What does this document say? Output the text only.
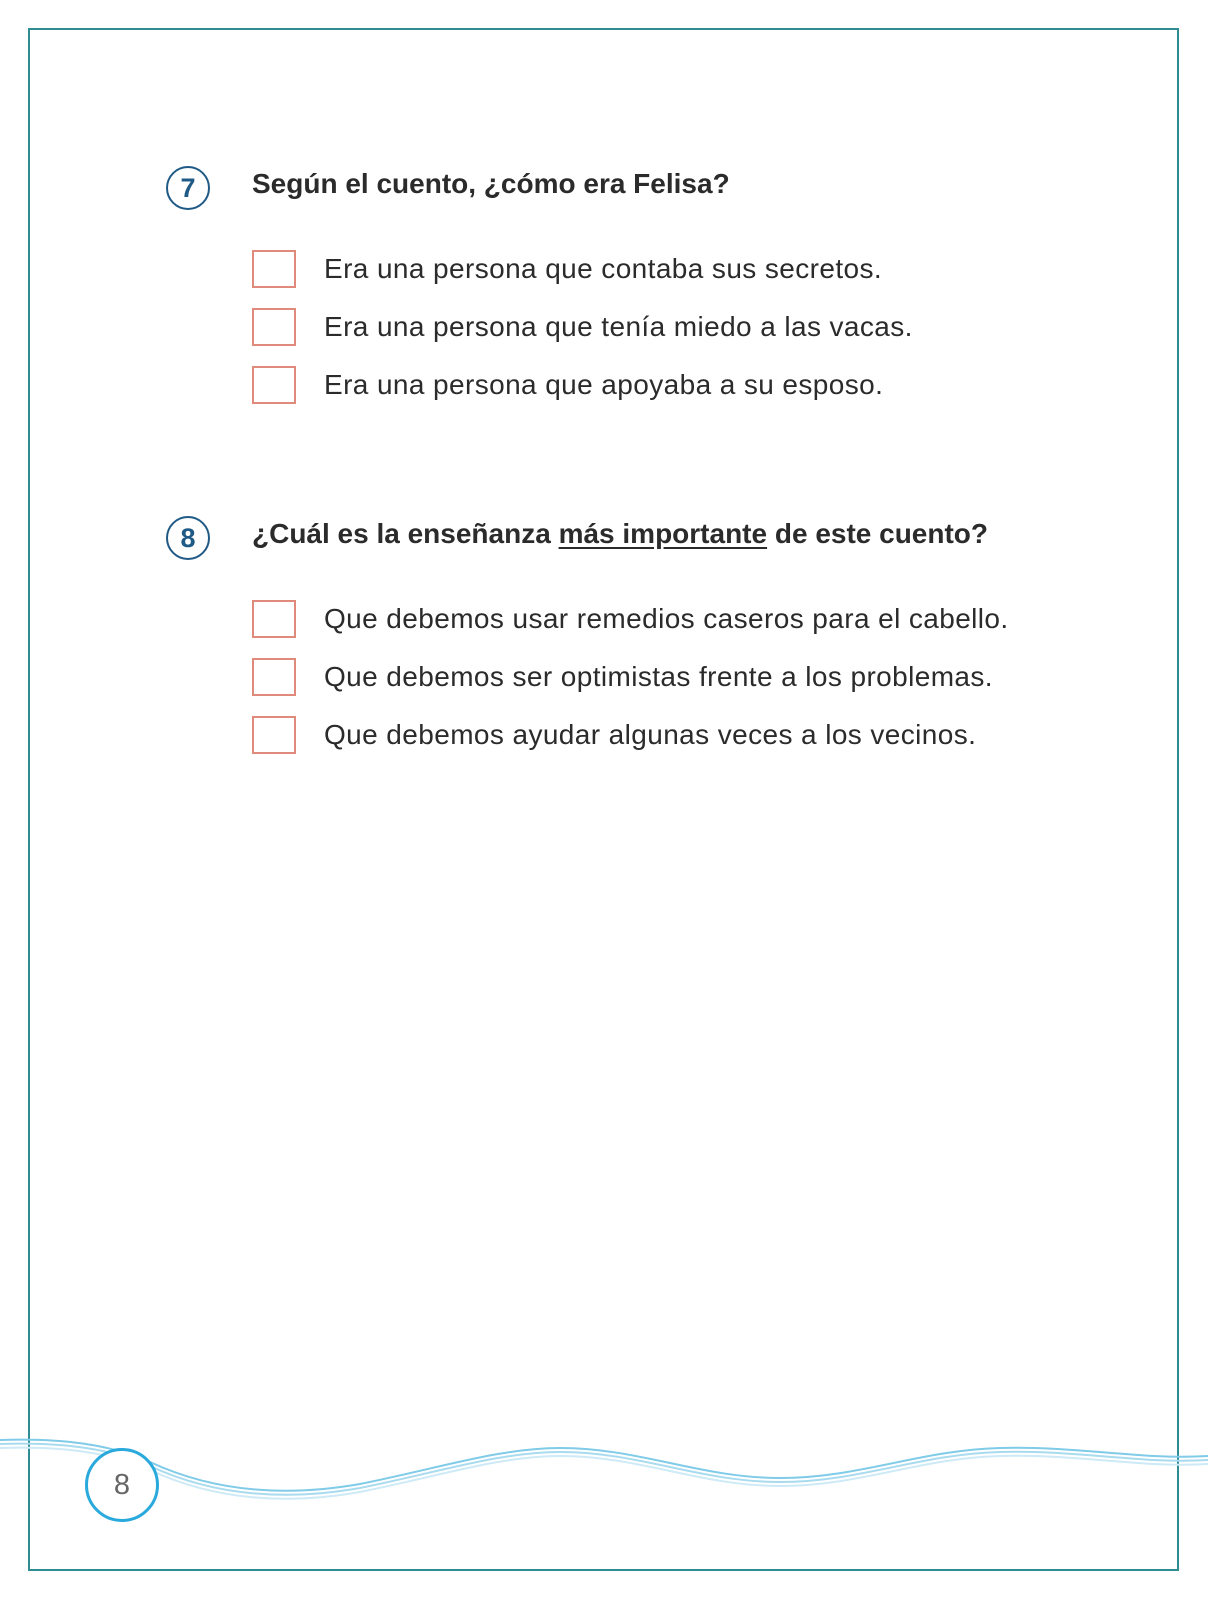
7	Según el cuento, ¿cómo era Felisa?
Era una persona que contaba sus secretos.
Era una persona que tenía miedo a las vacas.
Era una persona que apoyaba a su esposo.
8	¿Cuál es la enseñanza más importante de este cuento?
Que debemos usar remedios caseros para el cabello.
Que debemos ser optimistas frente a los problemas.
Que debemos ayudar algunas veces a los vecinos.
8
